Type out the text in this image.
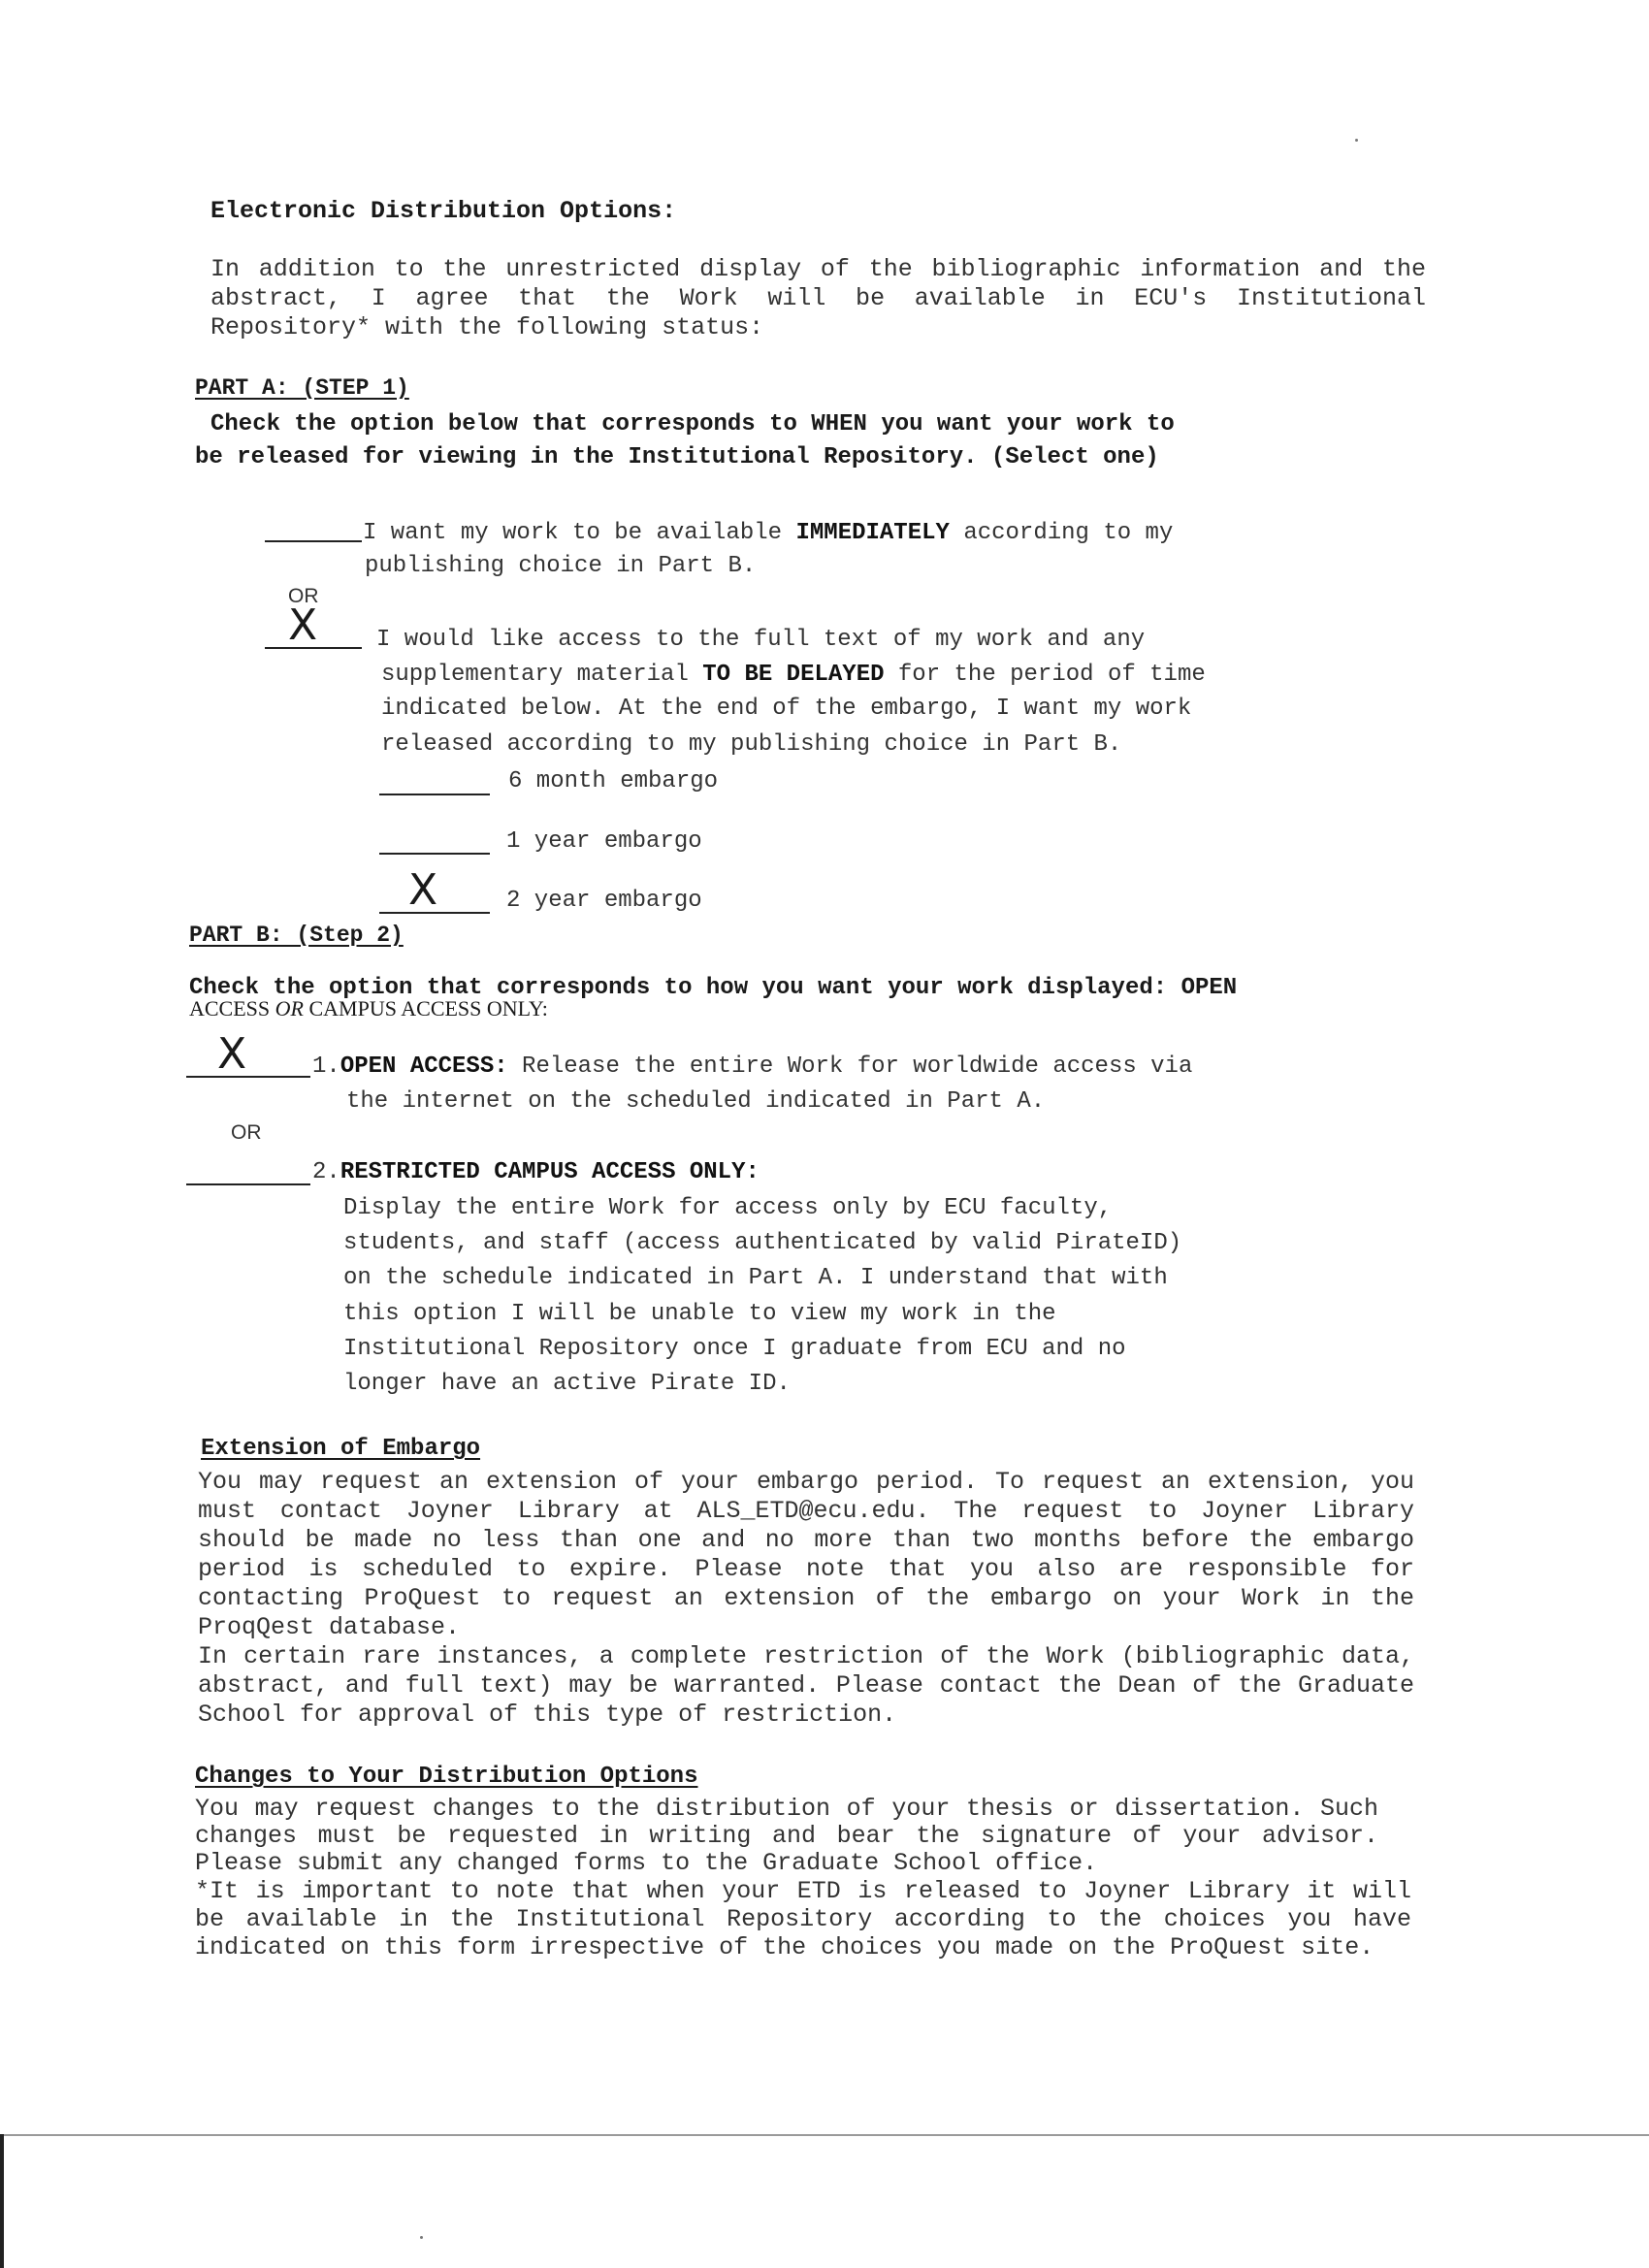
Electronic Distribution Options:

In addition to the unrestricted display of the bibliographic information and the abstract, I agree that the Work will be available in ECU's Institutional Repository* with the following status:

PART A: (STEP 1)

Check the option below that corresponds to WHEN you want your work to

be released for viewing in the Institutional Repository. (Select one)

I want my work to be available IMMEDIATELY according to my

publishing choice in Part B.

OR

X	I would like access to the full text of my work and any

supplementary material TO BE DELAYED for the period of time

indicated below. At the end of the embargo, I want my work

released according to my publishing choice in Part B.

6 month embargo

1 year embargo

X	2 year embargo

PART B: (Step 2)

Check the option that corresponds to how you want your work displayed: OPEN

ACCESS OR CAMPUS ACCESS ONLY:

X	1.OPEN ACCESS: Release the entire Work for worldwide access via

the internet on the scheduled indicated in Part A.

OR

2.RESTRICTED CAMPUS ACCESS ONLY:

Display the entire Work for access only by ECU faculty,

students, and staff (access authenticated by valid PirateID)

on the schedule indicated in Part A. I understand that with

this option I will be unable to view my work in the

Institutional Repository once I graduate from ECU and no

longer have an active Pirate ID.

Extension of Embargo

You may request an extension of your embargo period. To request an extension, you must contact Joyner Library at ALS_ETD@ecu.edu. The request to Joyner Library should be made no less than one and no more than two months before the embargo period is scheduled to expire. Please note that you also are responsible for contacting ProQuest to request an extension of the embargo on your Work in the ProqQest database.

In certain rare instances, a complete restriction of the Work (bibliographic data, abstract, and full text) may be warranted. Please contact the Dean of the Graduate School for approval of this type of restriction.

Changes to Your Distribution Options

You may request changes to the distribution of your thesis or dissertation. Such changes must be requested in writing and bear the signature of your advisor. Please submit any changed forms to the Graduate School office.

*It is important to note that when your ETD is released to Joyner Library it will be available in the Institutional Repository according to the choices you have indicated on this form irrespective of the choices you made on the ProQuest site.
